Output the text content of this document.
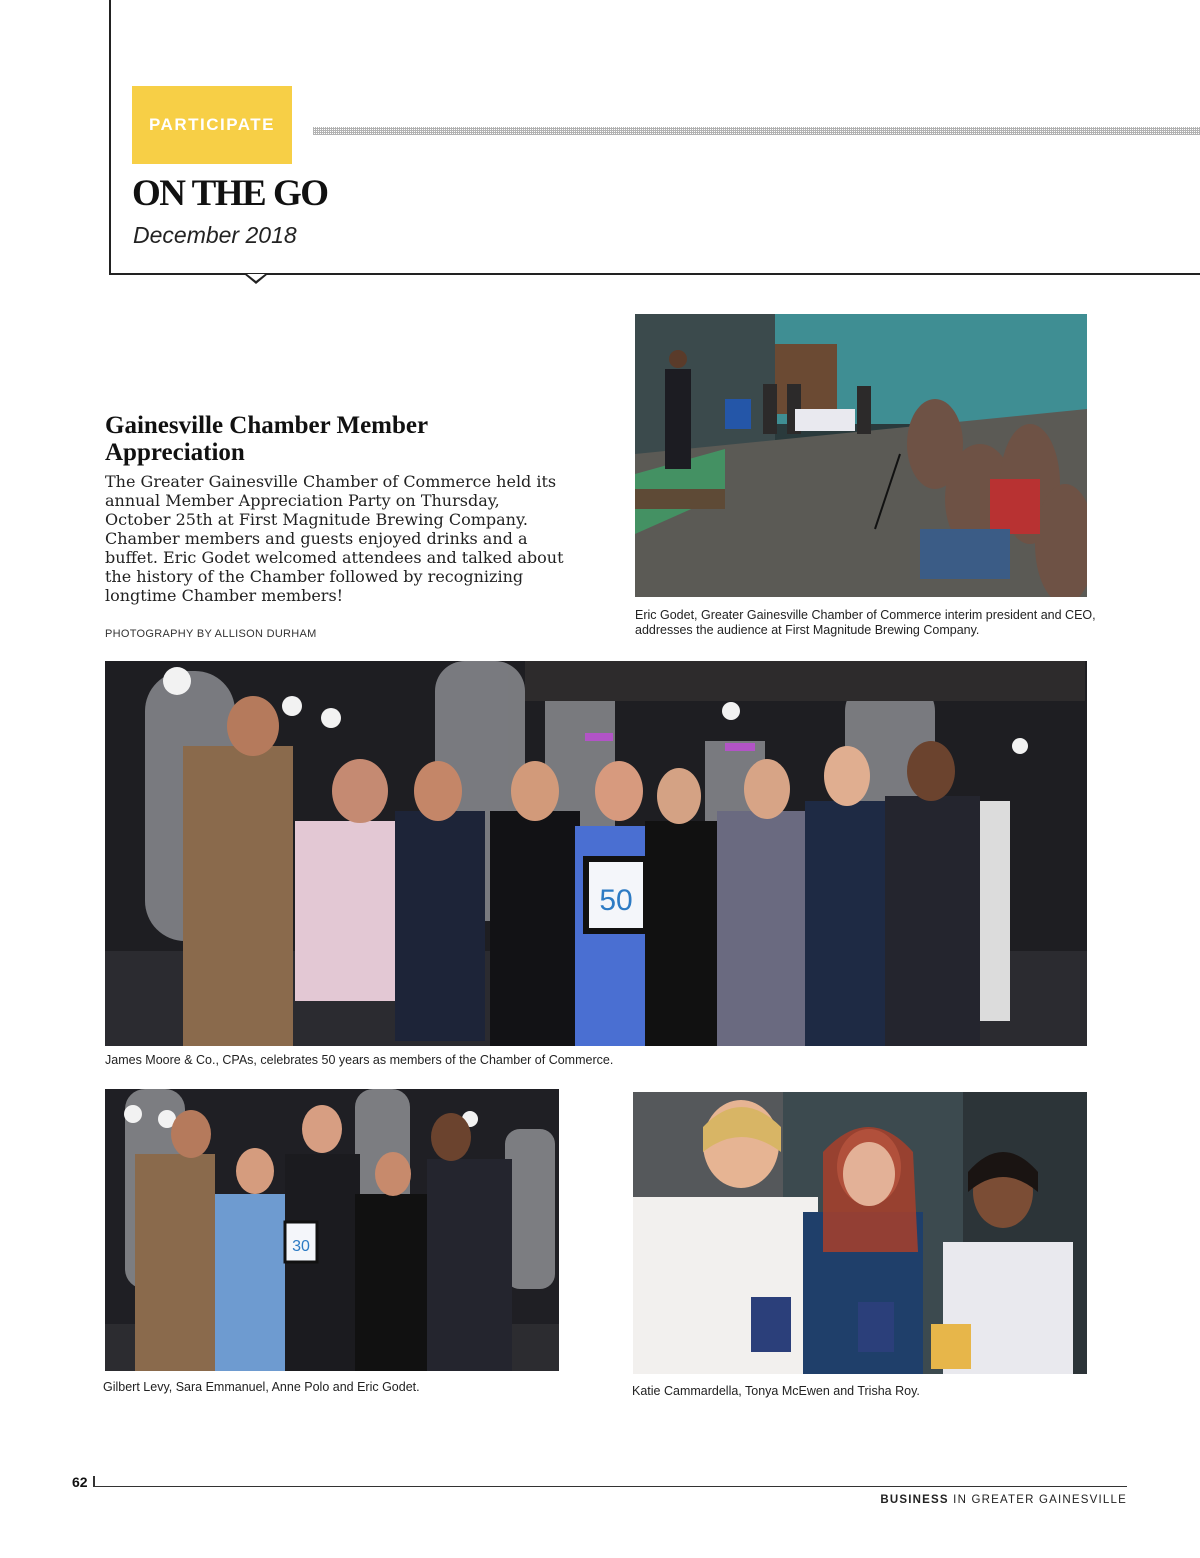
PARTICIPATE
ON THE GO

December 2018

Gainesville Chamber Member Appreciation

The Greater Gainesville Chamber of Commerce held its annual Member Appreciation Party on Thursday, October 25th at First Magnitude Brewing Company. Chamber members and guests enjoyed drinks and a buffet. Eric Godet welcomed attendees and talked about the history of the Chamber followed by recognizing longtime Chamber members!

PHOTOGRAPHY BY ALLISON DURHAM

Eric Godet, Greater Gainesville Chamber of Commerce interim president and CEO, addresses the audience at First Magnitude Brewing Company.

50

James Moore & Co., CPAs, celebrates 50 years as members of the Chamber of Commerce.

30

Gilbert Levy, Sara Emmanuel, Anne Polo and Eric Godet.	Katie Cammardella, Tonya McEwen and Trisha Roy.

62
BUSINESS IN GREATER GAINESVILLE
